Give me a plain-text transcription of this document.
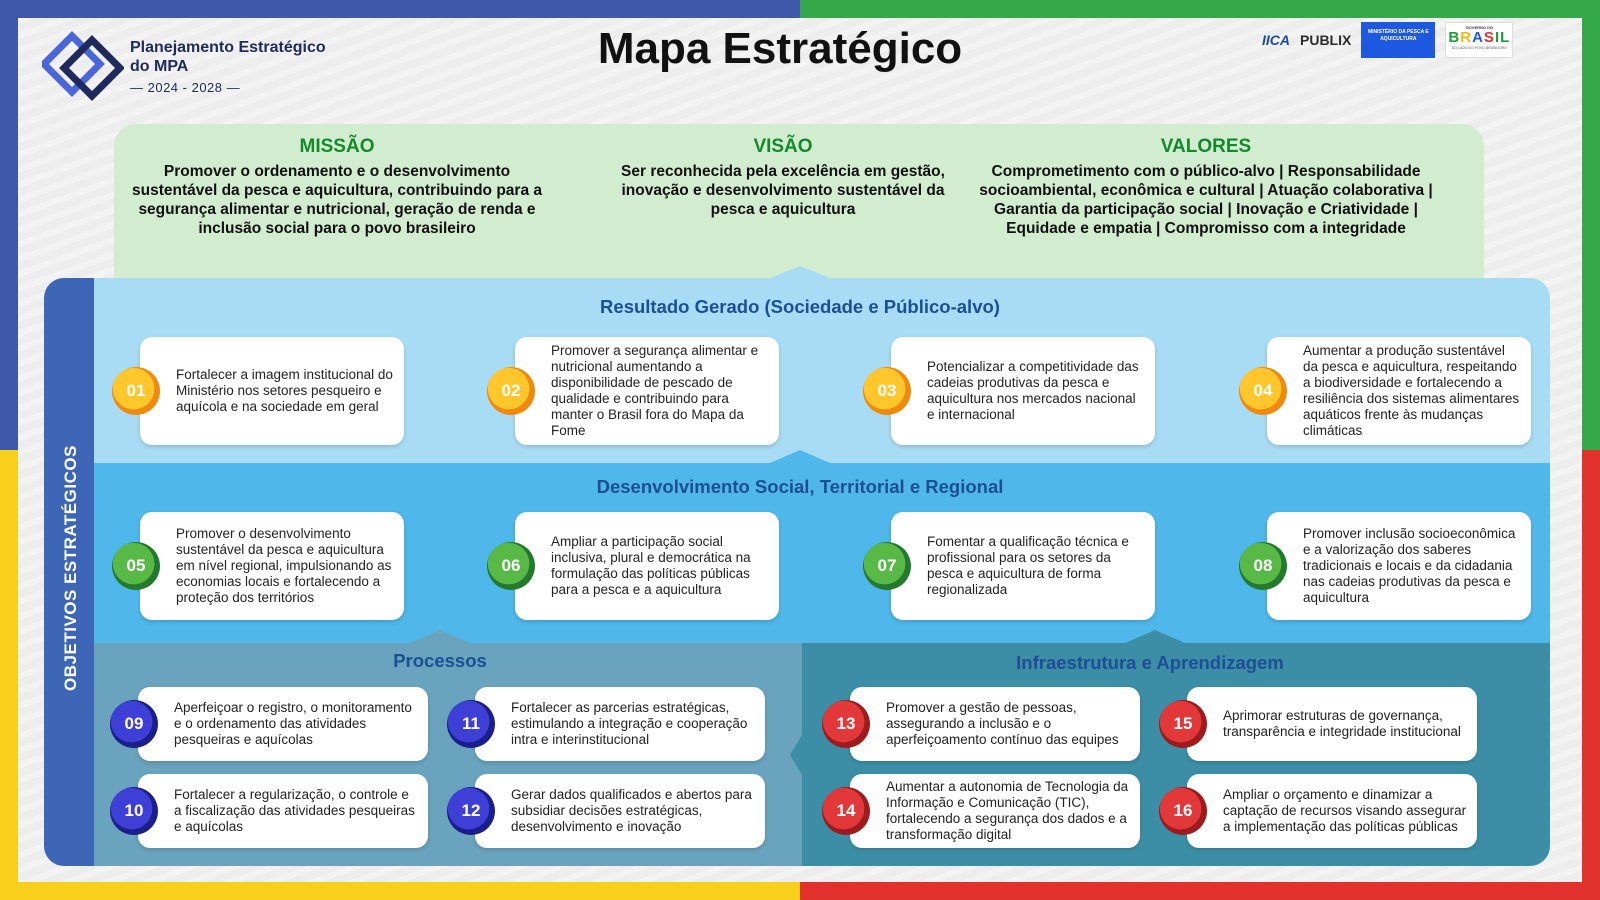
Planejamento Estratégico do MPA
— 2024 - 2028 —
Mapa Estratégico	IICA PUBLIX	MINISTÉRIO DA PESCA E AQUICULTURA
GOVERNO DO
BRASIL
DO LADO DO POVO BRASILEIRO
MISSÃO

Promover o ordenamento e o desenvolvimento sustentável da pesca e aquicultura, contribuindo para a segurança alimentar e nutricional, geração de renda e inclusão social para o povo brasileiro

VISÃO

Ser reconhecida pela excelência em gestão, inovação e desenvolvimento sustentável da pesca e aquicultura

VALORES

Comprometimento com o público-alvo | Responsabilidade socioambiental, econômica e cultural | Atuação colaborativa | Garantia da participação social | Inovação e Criatividade | Equidade e empatia | Compromisso com a integridade

OBJETIVOS ESTRATÉGICOS
Resultado Gerado (Sociedade e Público-alvo)
Desenvolvimento Social, Territorial e Regional
Processos	Infraestrutura e Aprendizagem
Fortalecer a imagem institucional do Ministério nos setores pesqueiro e aquícola e na sociedade em geral
01
Promover a segurança alimentar e nutricional aumentando a disponibilidade de pescado de qualidade e contribuindo para manter o Brasil fora do Mapa da Fome
02
Potencializar a competitividade das cadeias produtivas da pesca e aquicultura nos mercados nacional e internacional
03
Aumentar a produção sustentável da pesca e aquicultura, respeitando a biodiversidade e fortalecendo a resiliência dos sistemas alimentares aquáticos frente às mudanças climáticas
04
Promover o desenvolvimento sustentável da pesca e aquicultura em nível regional, impulsionando as economias locais e fortalecendo a proteção dos territórios
05
Ampliar a participação social inclusiva, plural e democrática na formulação das políticas públicas para a pesca e a aquicultura
06
Fomentar a qualificação técnica e profissional para os setores da pesca e aquicultura de forma regionalizada
07
Promover inclusão socioeconômica e a valorização dos saberes tradicionais e locais e da cidadania nas cadeias produtivas da pesca e aquicultura
08
Aperfeiçoar o registro, o monitoramento e o ordenamento das atividades pesqueiras e aquícolas
09
Fortalecer a regularização, o controle e a fiscalização das atividades pesqueiras e aquícolas
10
Fortalecer as parcerias estratégicas, estimulando a integração e cooperação intra e interinstitucional
11
Gerar dados qualificados e abertos para subsidiar decisões estratégicas, desenvolvimento e inovação
12
Promover a gestão de pessoas, assegurando a inclusão e o aperfeiçoamento contínuo das equipes
13
Aumentar a autonomia de Tecnologia da Informação e Comunicação (TIC), fortalecendo a segurança dos dados e a transformação digital
14
Aprimorar estruturas de governança, transparência e integridade institucional
15
Ampliar o orçamento e dinamizar a captação de recursos visando assegurar a implementação das políticas públicas
16
